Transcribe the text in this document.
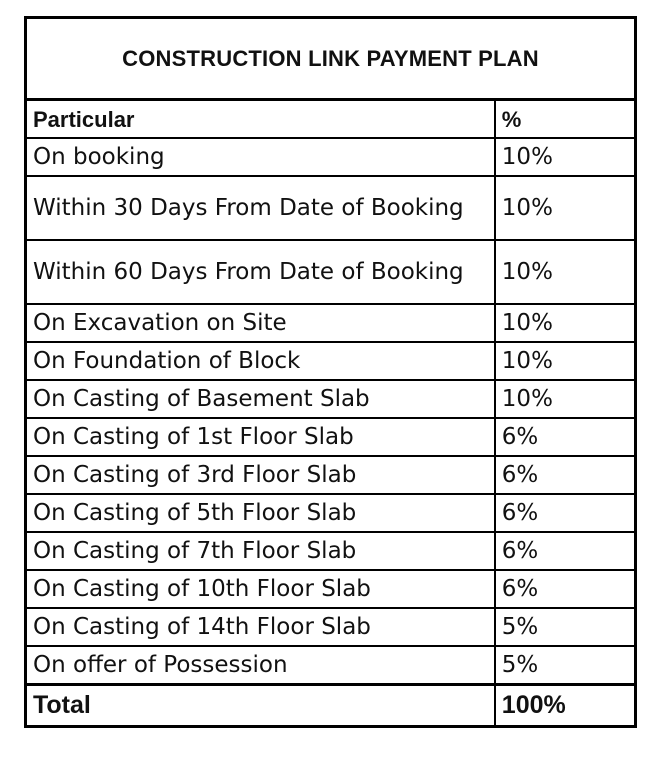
CONSTRUCTION LINK PAYMENT PLAN	
Particular	%
On booking	10%
Within 30 Days From Date of Booking	10%
Within 60 Days From Date of Booking	10%
On Excavation on Site	10%
On Foundation of Block	10%
On Casting of Basement Slab	10%
On Casting of 1st Floor Slab	6%
On Casting of 3rd Floor Slab	6%
On Casting of 5th Floor Slab	6%
On Casting of 7th Floor Slab	6%
On Casting of 10th Floor Slab	6%
On Casting of 14th Floor Slab	5%
On offer of Possession	5%
Total	100%
